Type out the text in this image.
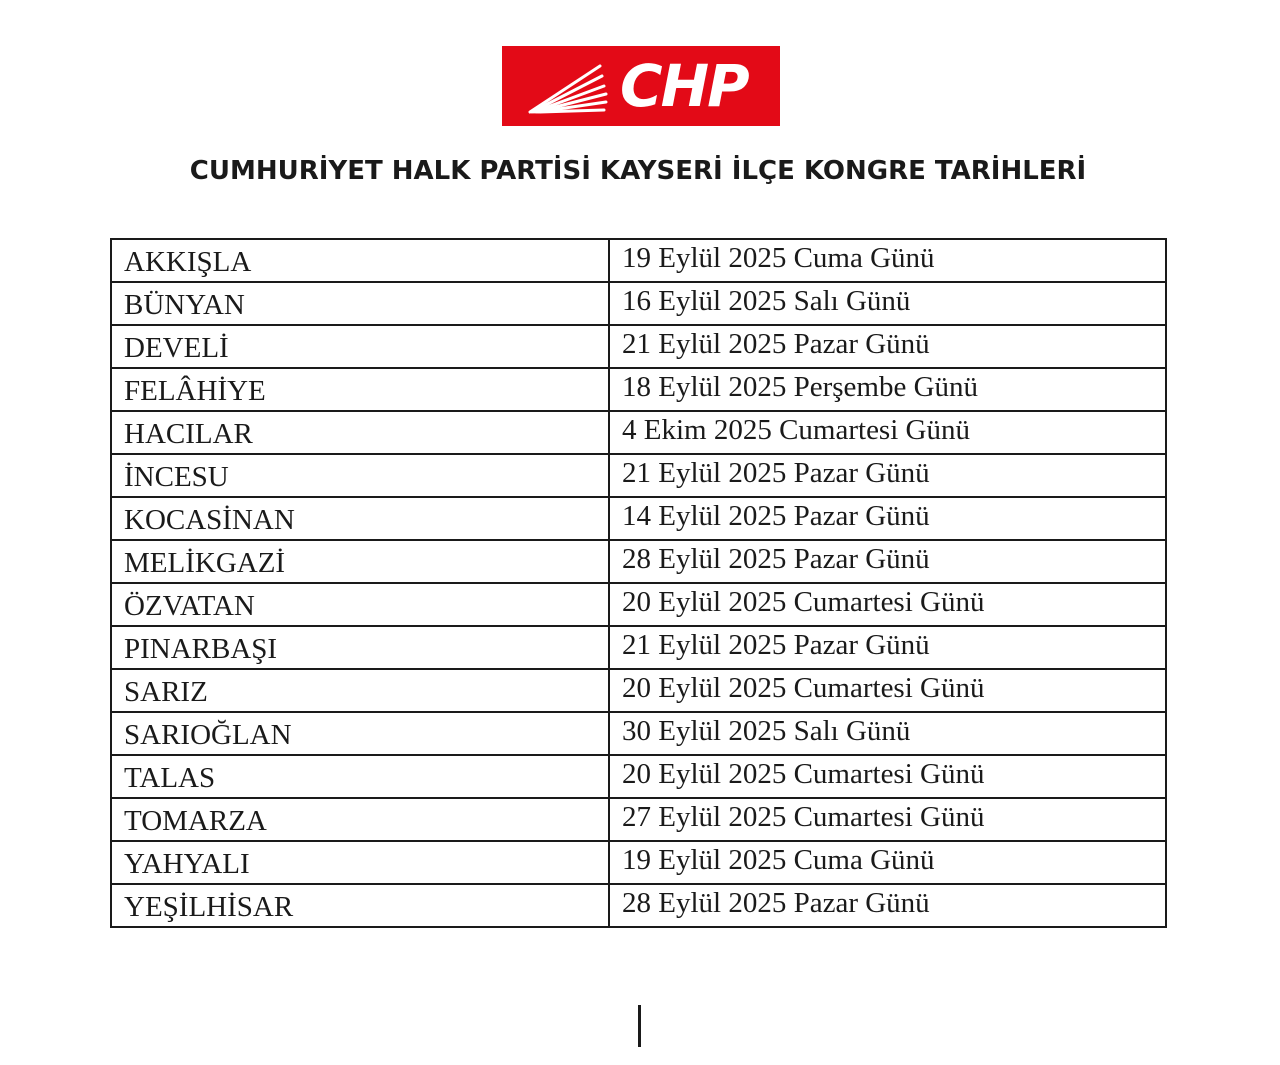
CHP
CUMHURİYET HALK PARTİSİ KAYSERİ İLÇE KONGRE TARİHLERİ
AKKIŞLA	19 Eylül 2025 Cuma Günü
BÜNYAN	16 Eylül 2025 Salı Günü
DEVELİ	21 Eylül 2025 Pazar Günü
FELÂHİYE	18 Eylül 2025 Perşembe Günü
HACILAR	4 Ekim 2025 Cumartesi Günü
İNCESU	21 Eylül 2025 Pazar Günü
KOCASİNAN	14 Eylül 2025 Pazar Günü
MELİKGAZİ	28 Eylül 2025 Pazar Günü
ÖZVATAN	20 Eylül 2025 Cumartesi Günü
PINARBAŞI	21 Eylül 2025 Pazar Günü
SARIZ	20 Eylül 2025 Cumartesi Günü
SARIOĞLAN	30 Eylül 2025 Salı Günü
TALAS	20 Eylül 2025 Cumartesi Günü
TOMARZA	27 Eylül 2025 Cumartesi Günü
YAHYALI	19 Eylül 2025 Cuma Günü
YEŞİLHİSAR	28 Eylül 2025 Pazar Günü
